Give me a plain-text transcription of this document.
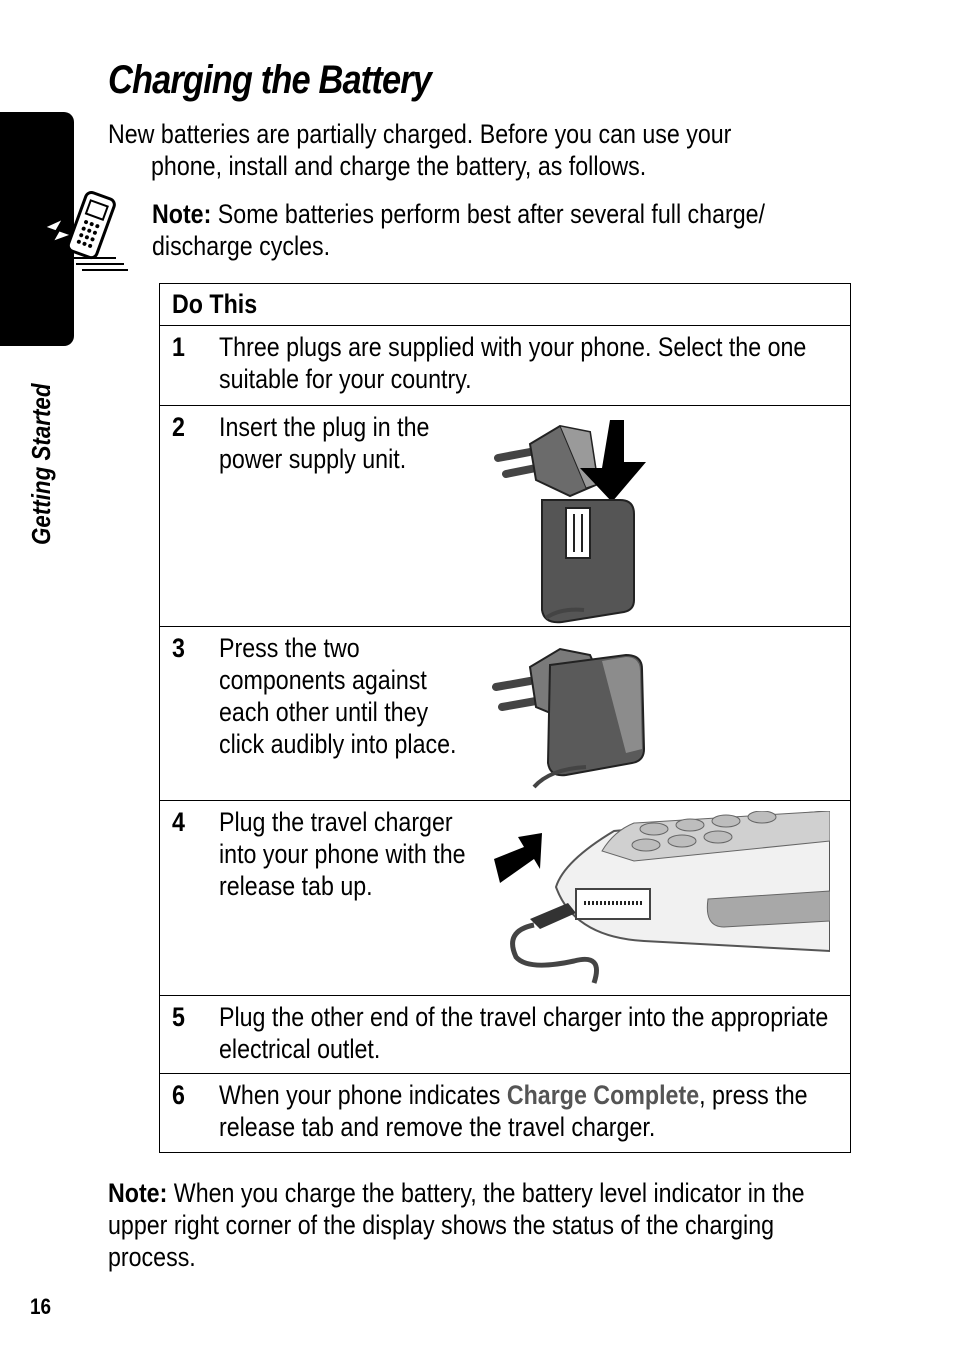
Charging the Battery
New batteries are partially charged. Before you can use your
phone, install and charge the battery, as follows.
Note: Some batteries perform best after several full charge/ discharge cycles.
Getting Started
Do This
1 Three plugs are supplied with your phone. Select the one suitable for your country.
2 Insert the plug in the power supply unit.
3 Press the two components against each other until they click audibly into place.
4 Plug the travel charger into your phone with the release tab up.
5 Plug the other end of the travel charger into the appropriate electrical outlet.
6 When your phone indicates Charge Complete, press the release tab and remove the travel charger.
Note: When you charge the battery, the battery level indicator in the upper right corner of the display shows the status of the charging process.
16
